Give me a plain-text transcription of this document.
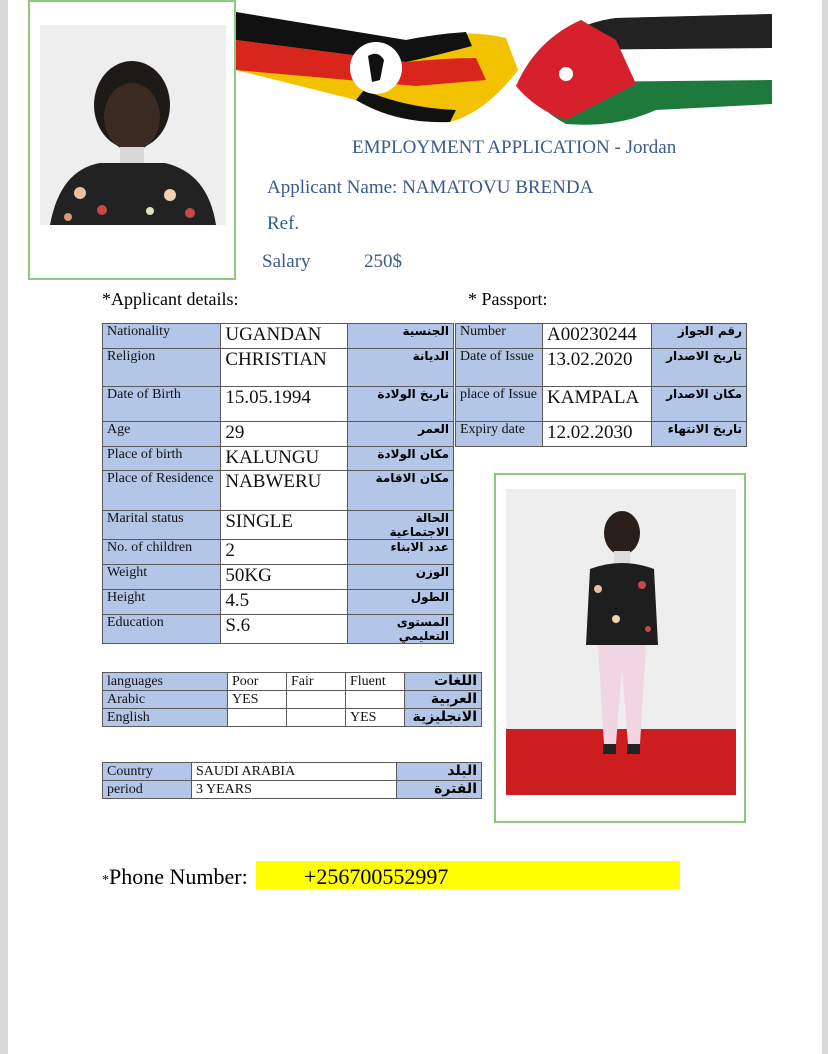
EMPLOYMENT APPLICATION - Jordan
Applicant Name: NAMATOVU BRENDA
Ref.
Salary	250$
*Applicant details:	* Passport:
Nationality	UGANDAN	الجنسية
Religion	CHRISTIAN	الديانة
Date of Birth	15.05.1994	تاريخ الولادة
Age	29	العمر
Place of birth	KALUNGU	مكان الولادة
Place of Residence	NABWERU	مكان الاقامة
Marital status	SINGLE	الحالة الاجتماعية
No. of children	2	عدد الابناء
Weight	50KG	الوزن
Height	4.5	الطول
Education	S.6	المستوى التعليمي
Number	A00230244	رقم الجواز
Date of Issue	13.02.2020	تاريخ الاصدار
place of Issue	KAMPALA	مكان الاصدار
Expiry date	12.02.2030	تاريخ الانتهاء
languages	Poor	Fair	Fluent	اللغات
Arabic	YES			العربية
English			YES	الانجليزية
Country	SAUDI ARABIA	البلد
period	3 YEARS	الفترة
*Phone Number:	+256700552997
